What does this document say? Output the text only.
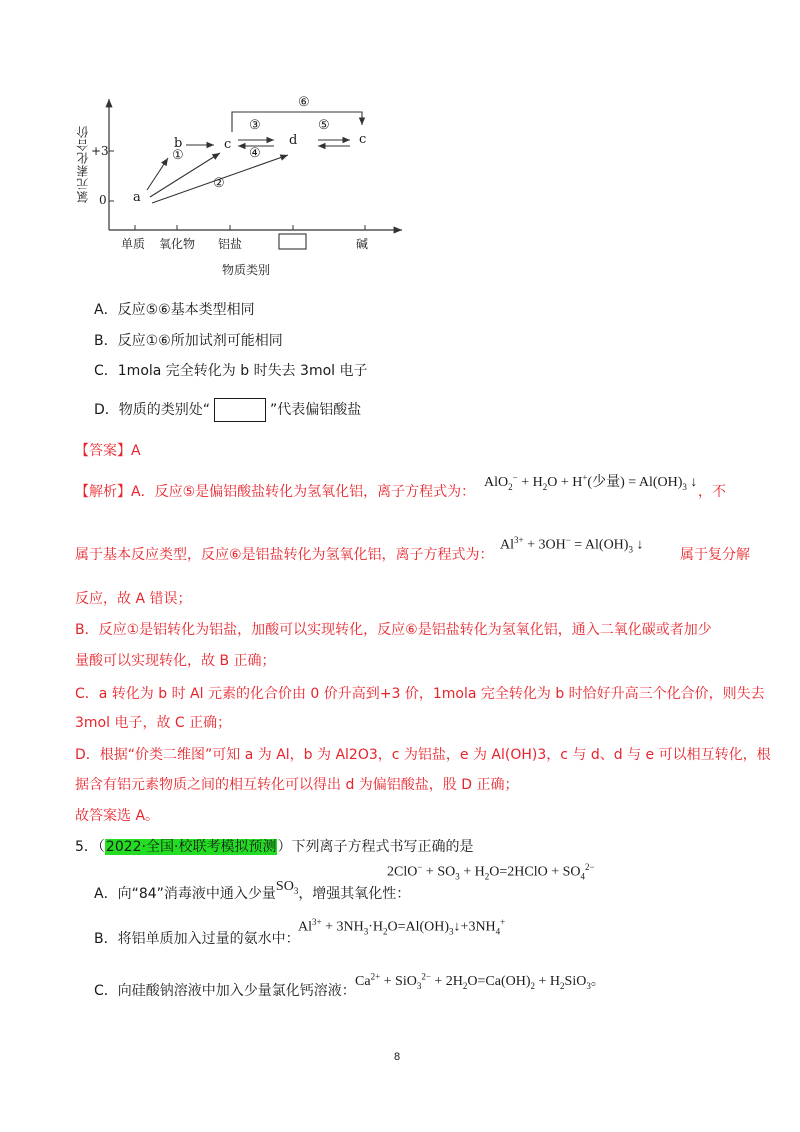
氯元素化合价 +3
0 a
b	c	d	c
①
②
③
④
⑤
⑥
单质 氧化物 铝盐	碱
物质类别
A．反应⑤⑥基本类型相同
B．反应①⑥所加试剂可能相同
C．1mola 完全转化为 b 时失去 3mol 电子
D．物质的类别处“	”代表偏铝酸盐
【答案】A
【解析】A．反应⑤是偏铝酸盐转化为氢氧化铝，离子方程式为：
$AlO_2^- + H_2O + H^+$(少量) = $Al(OH)_3$ ↓
，不
属于基本反应类型，反应⑥是铝盐转化为氢氧化铝，离子方程式为：
$Al^{3+} + 3OH^- = Al(OH)_3$ ↓
属于复分解
反应，故 A 错误；
B．反应①是铝转化为铝盐，加酸可以实现转化，反应⑥是铝盐转化为氢氧化铝，通入二氧化碳或者加少
量酸可以实现转化，故 B 正确；
C．a 转化为 b 时 Al 元素的化合价由 0 价升高到+3 价，1mola 完全转化为 b 时恰好升高三个化合价，则失去
3mol 电子，故 C 正确；
D．根据“价类二维图”可知 a 为 Al，b 为 Al2O3，c 为铝盐，e 为 Al(OH)3，c 与 d、d 与 e 可以相互转化，根
据含有铝元素物质之间的相互转化可以得出 d 为偏铝酸盐，股 D 正确；
故答案选 A。
5．（2022·全国·校联考模拟预测）下列离子方程式书写正确的是
A．向“84”消毒液中通入少量$SO_3$，增强其氧化性：
$2ClO^- + SO_3$ + $H_2O=2HClO + SO_4^{2-}$
B．将铝单质加入过量的氨水中：
$Al^{3+}$ + $3NH_3\cdot H_2O=Al(OH)_3↓+3NH_4^+$
C．向硅酸钠溶液中加入少量氯化钙溶液：
$Ca^{2+} + SiO_3^{2-} + 2H_2O=Ca(OH)_2 + H_2SiO_3$。
8
